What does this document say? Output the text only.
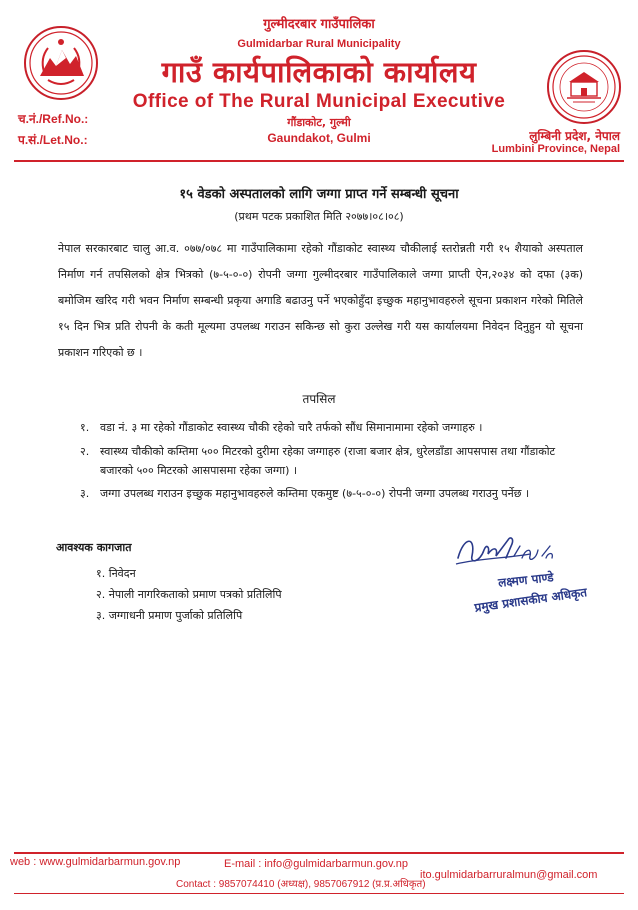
गुल्मीदरबार गाउँपालिका
Gulmidarbar Rural Municipality
गाउँ कार्यपालिकाको कार्यालय
Office of The Rural Municipal Executive
गौंडाकोट, गुल्मी
Gaundakot, Gulmi
च.नं./Ref.No.:
प.सं./Let.No.:	लुम्बिनी प्रदेश, नेपाल
Lumbini Province, Nepal
१५ वेडको अस्पतालको लागि जग्गा प्राप्त गर्ने सम्बन्धी सूचना
(प्रथम पटक प्रकाशित मिति २०७७।०८।०८)
नेपाल सरकारबाट चालु आ.व. ०७७/०७८ मा गाउँपालिकामा रहेको गौंडाकोट स्वास्थ्य चौकीलाई स्तरोन्नती गरी १५ शैयाको अस्पताल निर्माण गर्न तपसिलको क्षेत्र भित्रको (७-५-०-०) रोपनी जग्गा गुल्मीदरबार गाउँपालिकाले जग्गा प्राप्ती ऐन,२०३४ को दफा (३क) बमोजिम खरिद गरी भवन निर्माण सम्बन्धी प्रकृया अगाडि बढाउनु पर्ने भएकोहुँदा इच्छुक महानुभावहरुले सूचना प्रकाशन गरेको मितिले १५ दिन भित्र प्रति रोपनी के कती मूल्यमा उपलब्ध गराउन सकिन्छ सो कुरा उल्लेख गरी यस कार्यालयमा निवेदन दिनुहुन यो सूचना प्रकाशन गरिएको छ ।
तपसिल
१. वडा नं. ३ मा रहेको गौंडाकोट स्वास्थ्य चौकी रहेको चारै तर्फको सौंध सिमानामामा रहेको जग्गाहरु ।
२. स्वास्थ्य चौकीको कम्तिमा ५०० मिटरको दुरीमा रहेका जग्गाहरु (राजा बजार क्षेत्र, धुरेलडाँडा आपसपास तथा गौंडाकोट बजारको ५०० मिटरको आसपासमा रहेका जग्गा) ।
३. जग्गा उपलब्ध गराउन इच्छुक महानुभावहरुले कम्तिमा एकमुष्ट (७-५-०-०) रोपनी जग्गा उपलब्ध गराउनु पर्नेछ ।
आवश्यक कागजात
१. निवेदन
२. नेपाली नागरिकताको प्रमाण पत्रको प्रतिलिपि
३. जग्गाधनी प्रमाण पुर्जाको प्रतिलिपि
लक्ष्मण पाण्डे
प्रमुख प्रशासकीय अधिकृत
web : www.gulmidarbarmun.gov.np	E-mail : info@gulmidarbarmun.gov.np
ito.gulmidarbarruralmun@gmail.com
Contact : 9857074410 (अध्यक्ष), 9857067912 (प्र.प्र.अधिकृत)
